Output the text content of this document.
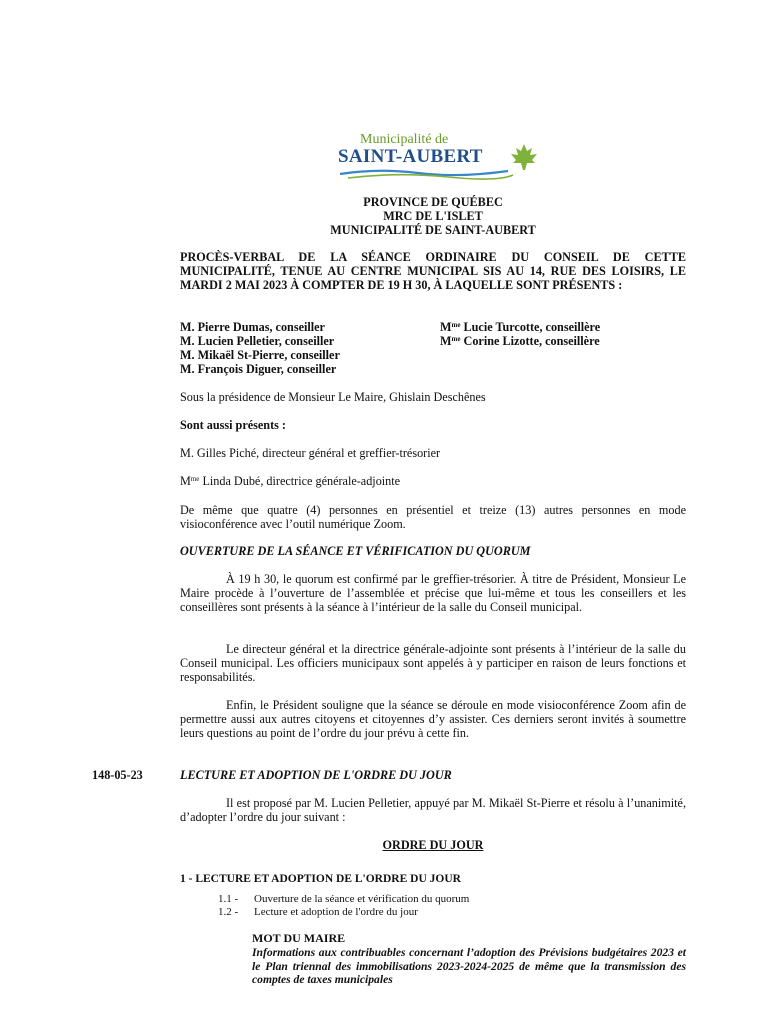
Municipalité de
SAINT-AUBERT
PROVINCE DE QUÉBEC
MRC DE L'ISLET
MUNICIPALITÉ DE SAINT-AUBERT
PROCÈS-VERBAL DE LA SÉANCE ORDINAIRE DU CONSEIL DE CETTE MUNICIPALITÉ, TENUE AU CENTRE MUNICIPAL SIS AU 14, RUE DES LOISIRS, LE MARDI 2 MAI 2023 À COMPTER DE 19 H 30, À LAQUELLE SONT PRÉSENTS :
M. Pierre Dumas, conseiller
M. Lucien Pelletier, conseiller
M. Mikaël St-Pierre, conseiller
M. François Diguer, conseiller
$M^{me}$ Lucie Turcotte, conseillère
$M^{me}$ Corine Lizotte, conseillère
Sous la présidence de Monsieur Le Maire, Ghislain Deschênes
Sont aussi présents :
M. Gilles Piché, directeur général et greffier-trésorier
$M^{me}$ Linda Dubé, directrice générale-adjointe
De même que quatre (4) personnes en présentiel et treize (13) autres personnes en mode visioconférence avec l’outil numérique Zoom.
OUVERTURE DE LA SÉANCE ET VÉRIFICATION DU QUORUM
À 19 h 30, le quorum est confirmé par le greffier-trésorier. À titre de Président, Monsieur Le Maire procède à l’ouverture de l’assemblée et précise que lui-même et tous les conseillers et les conseillères sont présents à la séance à l’intérieur de la salle du Conseil municipal.
Le directeur général et la directrice générale-adjointe sont présents à l’intérieur de la salle du Conseil municipal. Les officiers municipaux sont appelés à y participer en raison de leurs fonctions et responsabilités.
Enfin, le Président souligne que la séance se déroule en mode visioconférence Zoom afin de permettre aussi aux autres citoyens et citoyennes d’y assister. Ces derniers seront invités à soumettre leurs questions au point de l’ordre du jour prévu à cette fin.
148-05-23	LECTURE ET ADOPTION DE L'ORDRE DU JOUR
Il est proposé par M. Lucien Pelletier, appuyé par M. Mikaël St-Pierre et résolu à l’unanimité, d’adopter l’ordre du jour suivant :
ORDRE DU JOUR
1 - LECTURE ET ADOPTION DE L'ORDRE DU JOUR
1.1 - Ouverture de la séance et vérification du quorum
1.2 - Lecture et adoption de l'ordre du jour
MOT DU MAIRE
Informations aux contribuables concernant l’adoption des Prévisions budgétaires 2023 et le Plan triennal des immobilisations 2023-2024-2025 de même que la transmission des comptes de taxes municipales
